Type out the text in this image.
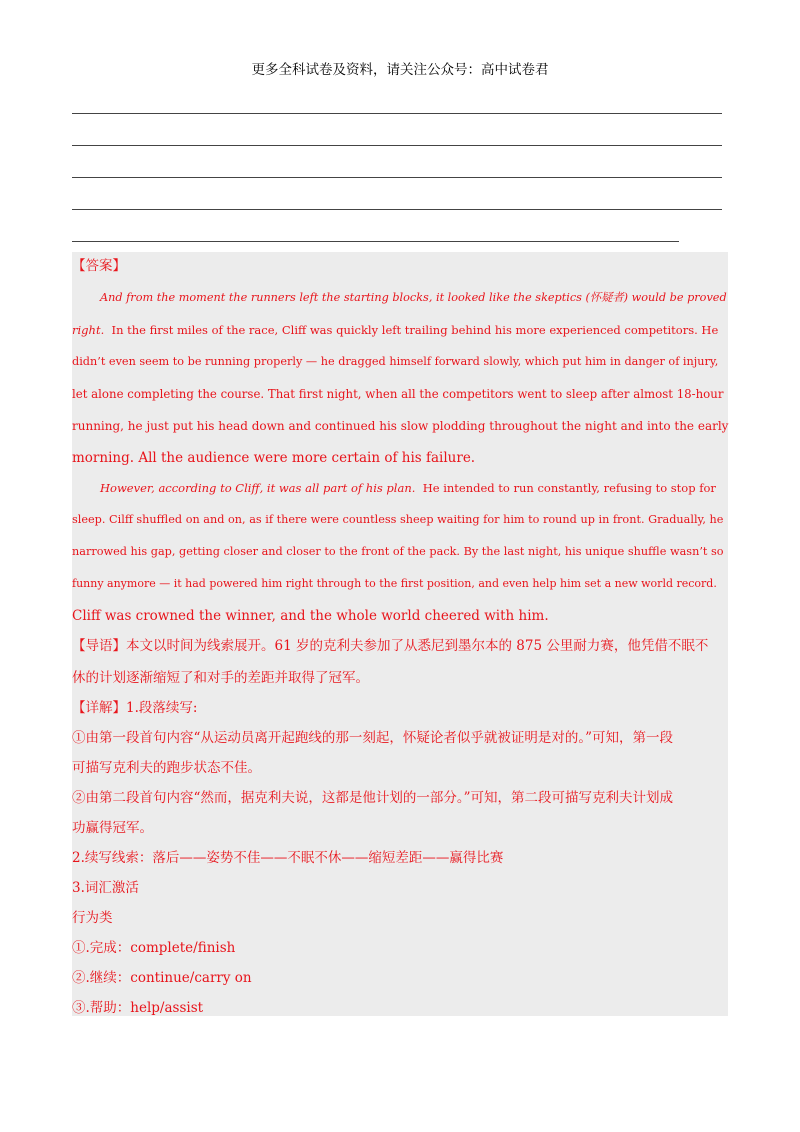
更多全科试卷及资料，请关注公众号：高中试卷君
【答案】
And from the moment the runners left the starting blocks, it looked like the skeptics (怀疑者) would be proved
right.  In the first miles of the race, Cliff was quickly left trailing behind his more experienced competitors. He
didn’t even seem to be running properly — he dragged himself forward slowly, which put him in danger of injury,
let alone completing the course. That first night, when all the competitors went to sleep after almost 18-hour
running, he just put his head down and continued his slow plodding throughout the night and into the early
morning. All the audience were more certain of his failure.
However, according to Cliff, it was all part of his plan.  He intended to run constantly, refusing to stop for
sleep. Cilff shuffled on and on, as if there were countless sheep waiting for him to round up in front. Gradually, he
narrowed his gap, getting closer and closer to the front of the pack. By the last night, his unique shuffle wasn’t so
funny anymore — it had powered him right through to the first position, and even help him set a new world record.
Cliff was crowned the winner, and the whole world cheered with him.
【导语】本文以时间为线索展开。61 岁的克利夫参加了从悉尼到墨尔本的 875 公里耐力赛，他凭借不眠不
休的计划逐渐缩短了和对手的差距并取得了冠军。
【详解】1.段落续写:
①由第一段首句内容“从运动员离开起跑线的那一刻起，怀疑论者似乎就被证明是对的。”可知，第一段
可描写克利夫的跑步状态不佳。
②由第二段首句内容“然而，据克利夫说，这都是他计划的一部分。”可知，第二段可描写克利夫计划成
功赢得冠军。
2.续写线索：落后——姿势不佳——不眠不休——缩短差距——赢得比赛
3.词汇激活
行为类
①.完成：complete/finish
②.继续：continue/carry on
③.帮助：help/assist
